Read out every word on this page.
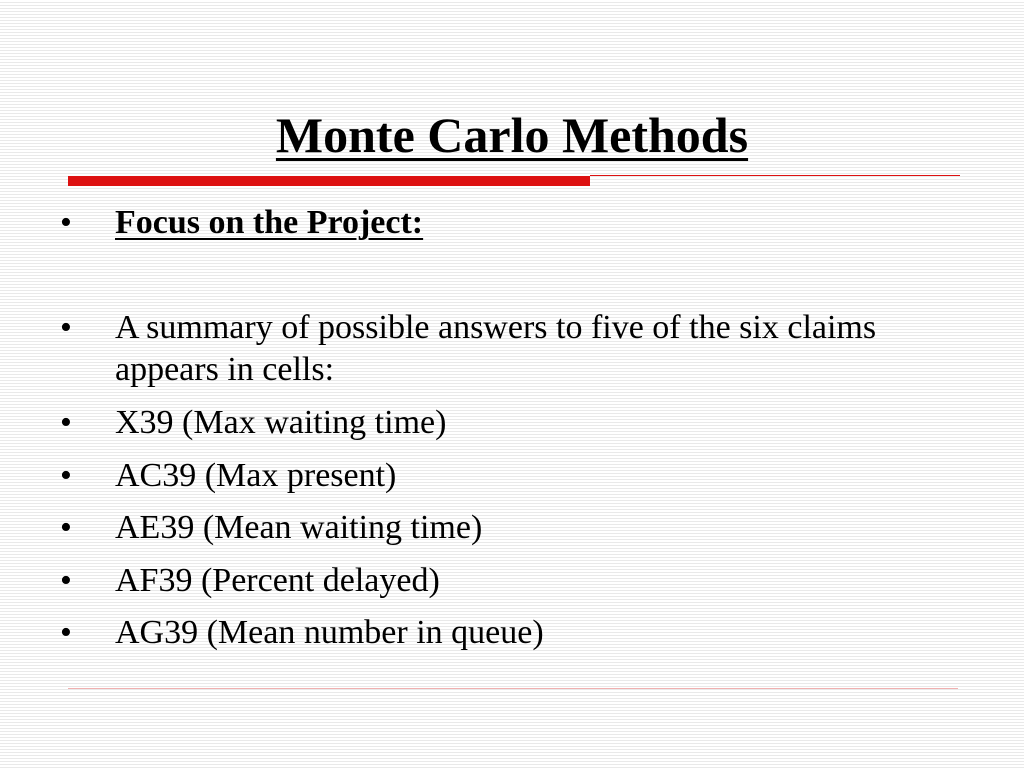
Monte Carlo Methods
•	Focus on the Project:
•	A summary of possible answers to five of the six claims appears in cells:
•	X39 (Max waiting time)
•	AC39 (Max present)
•	AE39 (Mean waiting time)
•	AF39 (Percent delayed)
•	AG39 (Mean number in queue)
